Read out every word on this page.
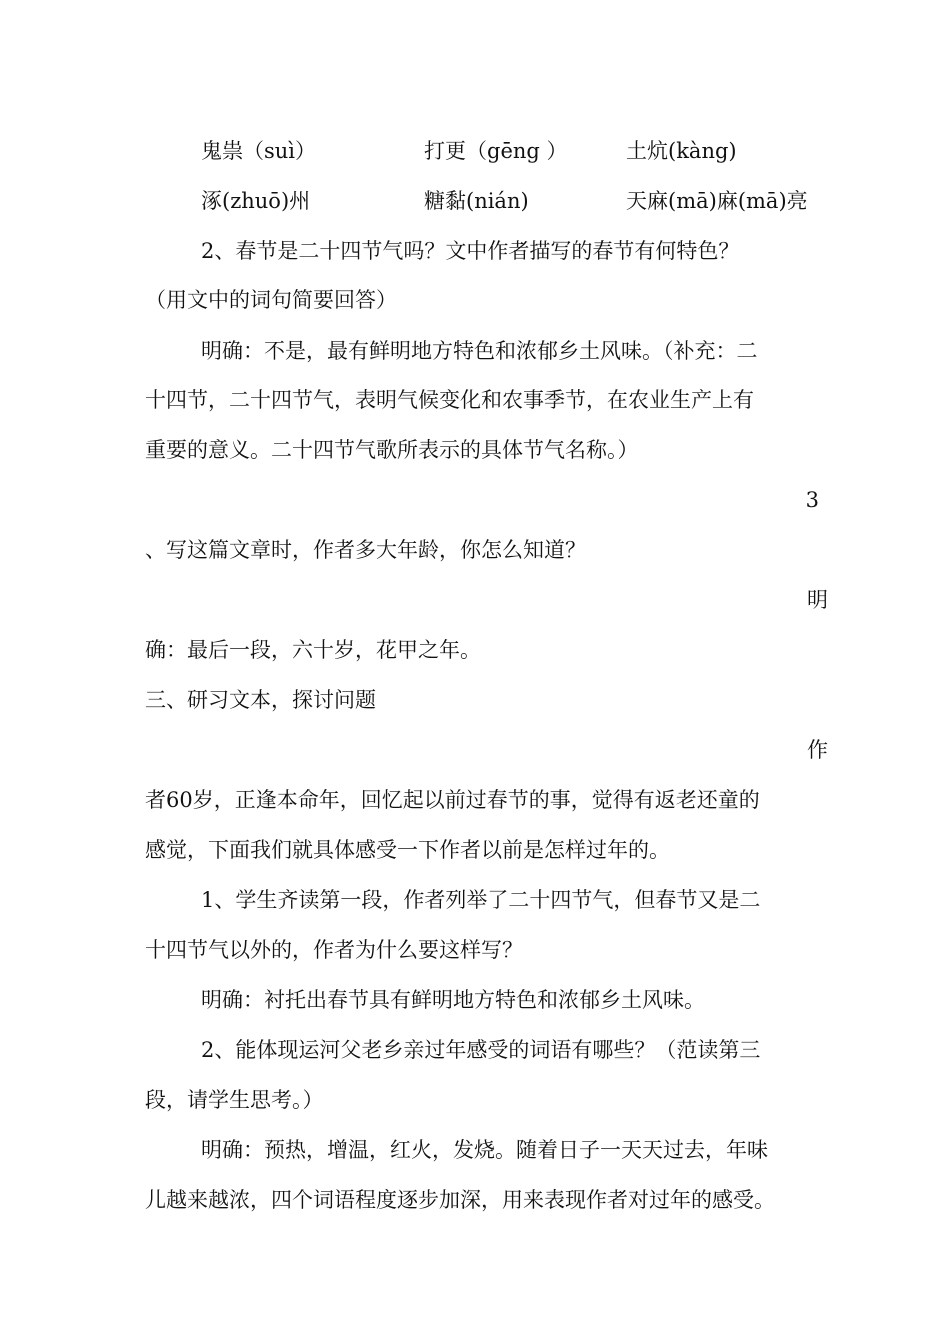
鬼祟（suì）	打更（gēng ）	土炕(kàng)
涿(zhuō)州	糖黏(nián)	天麻(mā)麻(mā)亮
2、春节是二十四节气吗？文中作者描写的春节有何特色？
（用文中的词句简要回答）
明确：不是，最有鲜明地方特色和浓郁乡土风味。（补充：二
十四节，二十四节气，表明气候变化和农事季节，在农业生产上有
重要的意义。二十四节气歌所表示的具体节气名称。）
3
、写这篇文章时，作者多大年龄，你怎么知道？
明
确：最后一段，六十岁，花甲之年。
三、研习文本，探讨问题
作
者60岁，正逢本命年，回忆起以前过春节的事，觉得有返老还童的
感觉，下面我们就具体感受一下作者以前是怎样过年的。
1、学生齐读第一段，作者列举了二十四节气，但春节又是二
十四节气以外的，作者为什么要这样写？
明确：衬托出春节具有鲜明地方特色和浓郁乡土风味。
2、能体现运河父老乡亲过年感受的词语有哪些？（范读第三
段，请学生思考。）
明确：预热，增温，红火，发烧。随着日子一天天过去，年味
儿越来越浓，四个词语程度逐步加深，用来表现作者对过年的感受。
